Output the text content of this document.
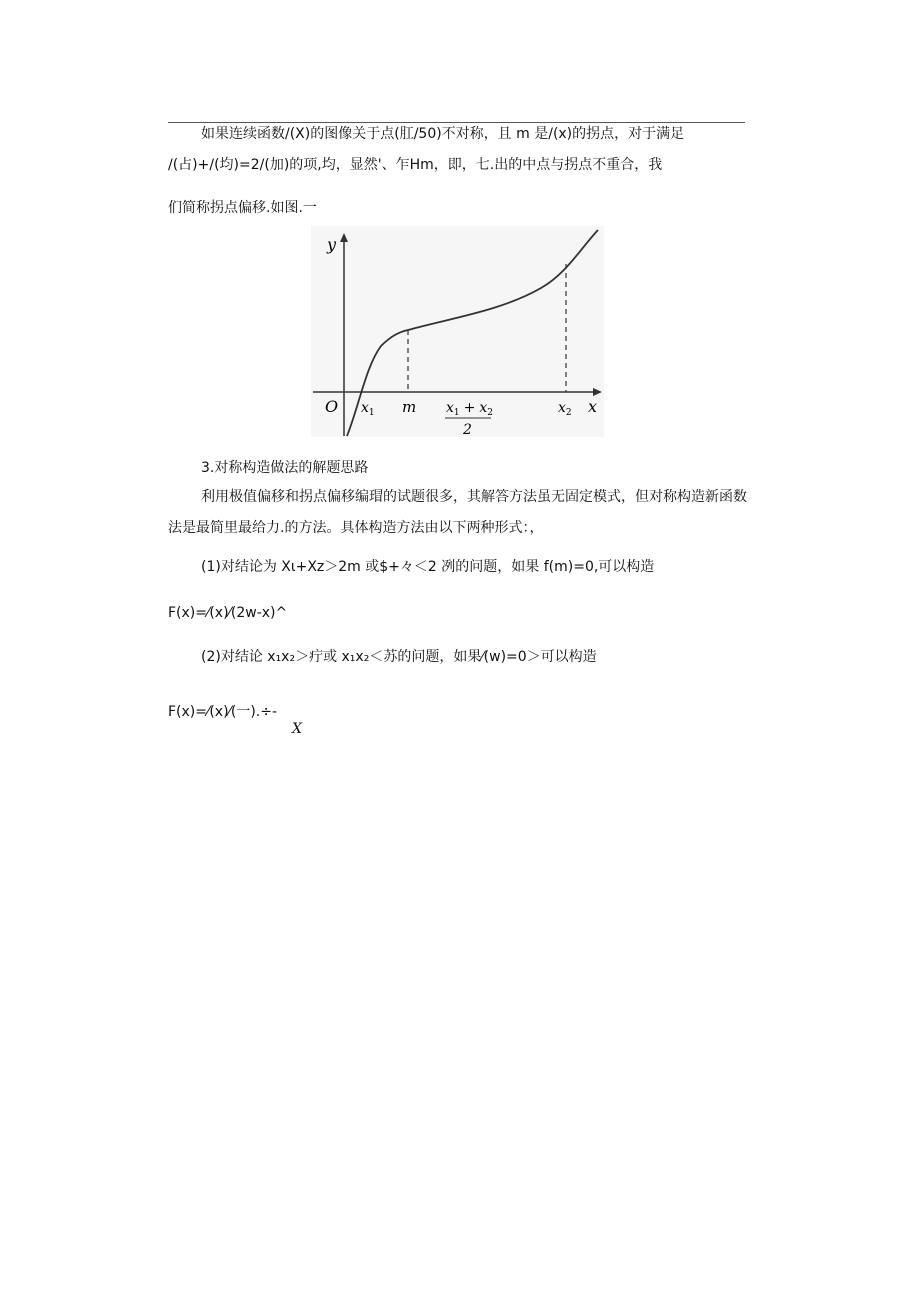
如果连续函数/(X)的图像关于点(肛/50)不对称，且 m 是/(x)的拐点，对于满足
/(占)+/(均)=2/(加)的项,均，显然'、乍Hm，即，七.出的中点与拐点不重合，我
们简称拐点偏移.如图.一
y
x
O $x_1$ m	$x_2$
$x_1 + x_2$
2
3.对称构造做法的解题思路
利用极值偏移和拐点偏移编瑁的试题很多，其解答方法虽无固定模式，但对称构造新函数
法是最简里最给力.的方法。具体构造方法由以下两种形式：，
(1)对结论为 Xι+Xz＞2m 或$+々＜2 冽的问题，如果 f(m)=0,可以构造
F(x)=⁄(x)⁄(2w-x)^
(2)对结论 x₁x₂＞疔或 x₁x₂＜苏的问题，如果⁄(w)=0＞可以构造
F(x)=⁄(x)⁄(一).÷-
X
